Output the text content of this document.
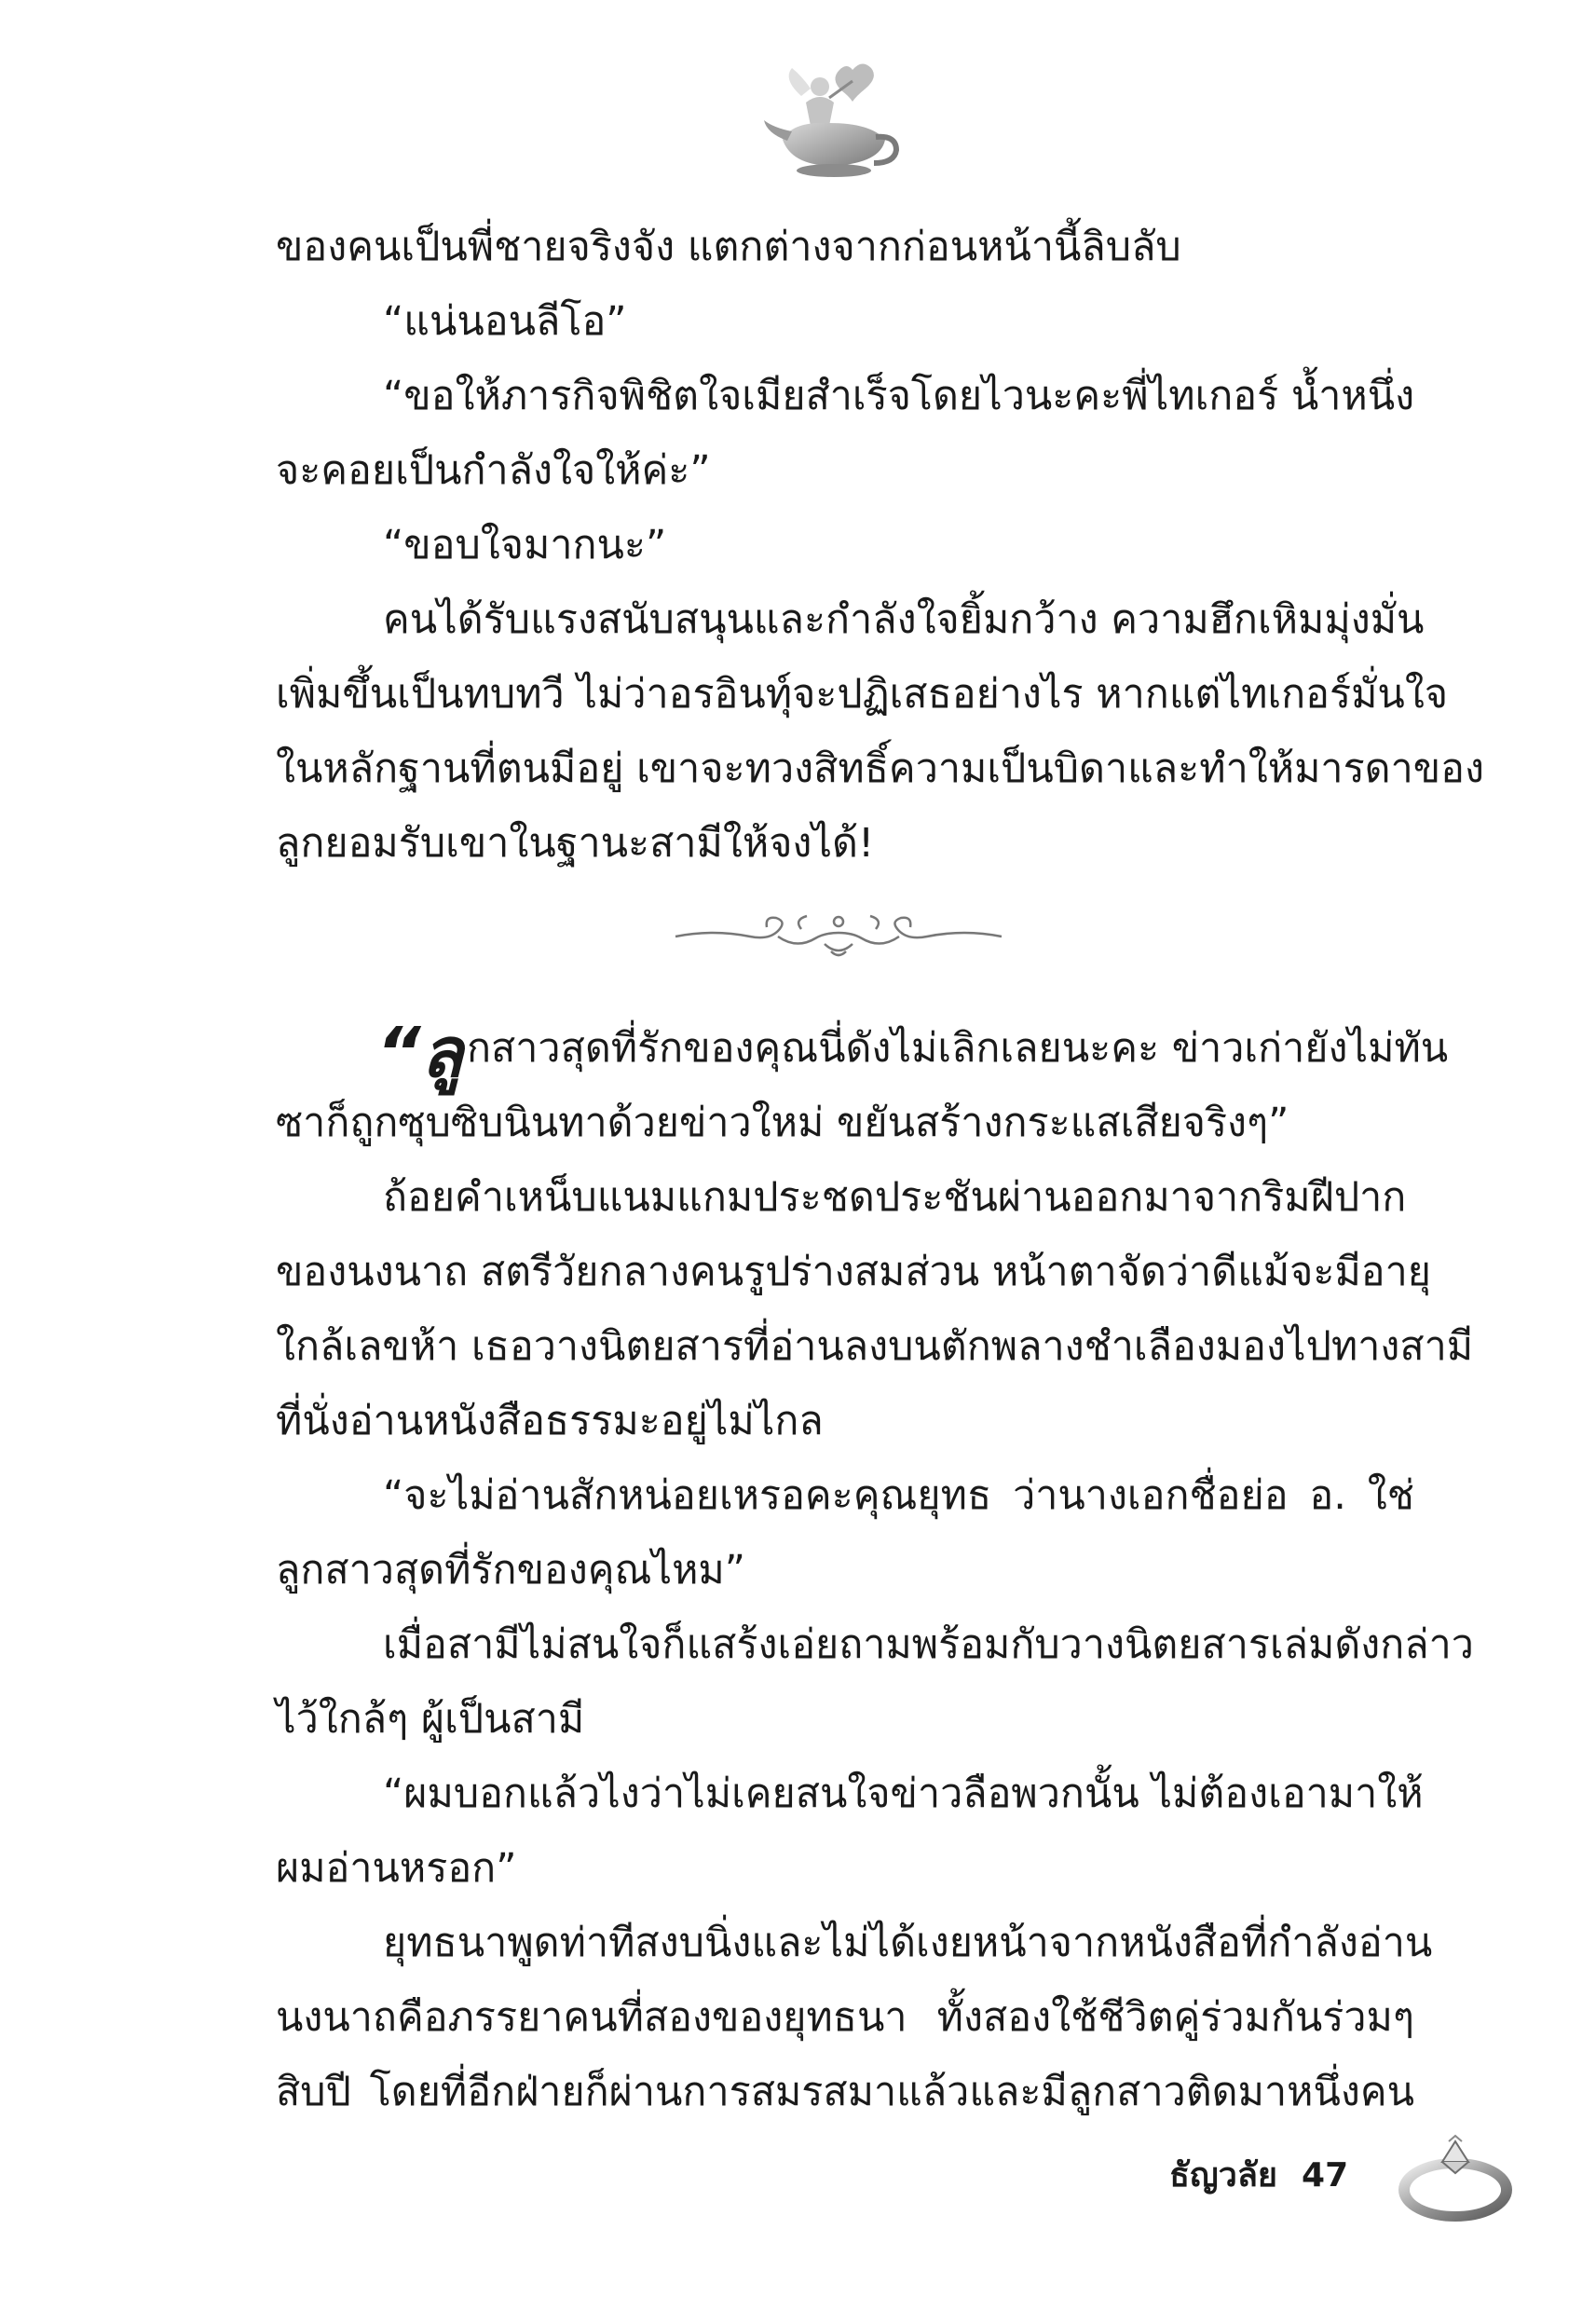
ของคนเป็นพี่ชายจริงจัง แตกต่างจากก่อนหน้านี้ลิบลับ
“แน่นอนลีโอ”
“ขอให้ภารกิจพิชิตใจเมียสำเร็จโดยไวนะคะพี่ไทเกอร์ น้ำหนึ่ง
จะคอยเป็นกำลังใจให้ค่ะ”
“ขอบใจมากนะ”
คนได้รับแรงสนับสนุนและกำลังใจยิ้มกว้าง ความฮึกเหิมมุ่งมั่น
เพิ่มขึ้นเป็นทบทวี ไม่ว่าอรอินทุ์จะปฏิเสธอย่างไร หากแต่ไทเกอร์มั่นใจ
ในหลักฐานที่ตนมีอยู่ เขาจะทวงสิทธิ์ความเป็นบิดาและทำให้มารดาของ
ลูกยอมรับเขาในฐานะสามีให้จงได้!
“ลู กสาวสุดที่รักของคุณนี่ดังไม่เลิกเลยนะคะ ข่าวเก่ายังไม่ทัน
ซาก็ถูกซุบซิบนินทาด้วยข่าวใหม่ ขยันสร้างกระแสเสียจริงๆ”
ถ้อยคำเหน็บแนมแกมประชดประชันผ่านออกมาจากริมฝีปาก
ของนงนาถ สตรีวัยกลางคนรูปร่างสมส่วน หน้าตาจัดว่าดีแม้จะมีอายุ
ใกล้เลขห้า เธอวางนิตยสารที่อ่านลงบนตักพลางชำเลืองมองไปทางสามี
ที่นั่งอ่านหนังสือธรรมะอยู่ไม่ไกล
“จะไม่อ่านสักหน่อยเหรอคะคุณยุทธ ว่านางเอกชื่อย่อ อ. ใช่
ลูกสาวสุดที่รักของคุณไหม”
เมื่อสามีไม่สนใจก็แสร้งเอ่ยถามพร้อมกับวางนิตยสารเล่มดังกล่าว
ไว้ใกล้ๆ ผู้เป็นสามี
“ผมบอกแล้วไงว่าไม่เคยสนใจข่าวลือพวกนั้น ไม่ต้องเอามาให้
ผมอ่านหรอก”
ยุทธนาพูดท่าทีสงบนิ่งและไม่ได้เงยหน้าจากหนังสือที่กำลังอ่าน
นงนาถคือภรรยาคนที่สองของยุทธนา ทั้งสองใช้ชีวิตคู่ร่วมกันร่วมๆ
สิบปี โดยที่อีกฝ่ายก็ผ่านการสมรสมาแล้วและมีลูกสาวติดมาหนึ่งคน
ธัญวลัย 47
